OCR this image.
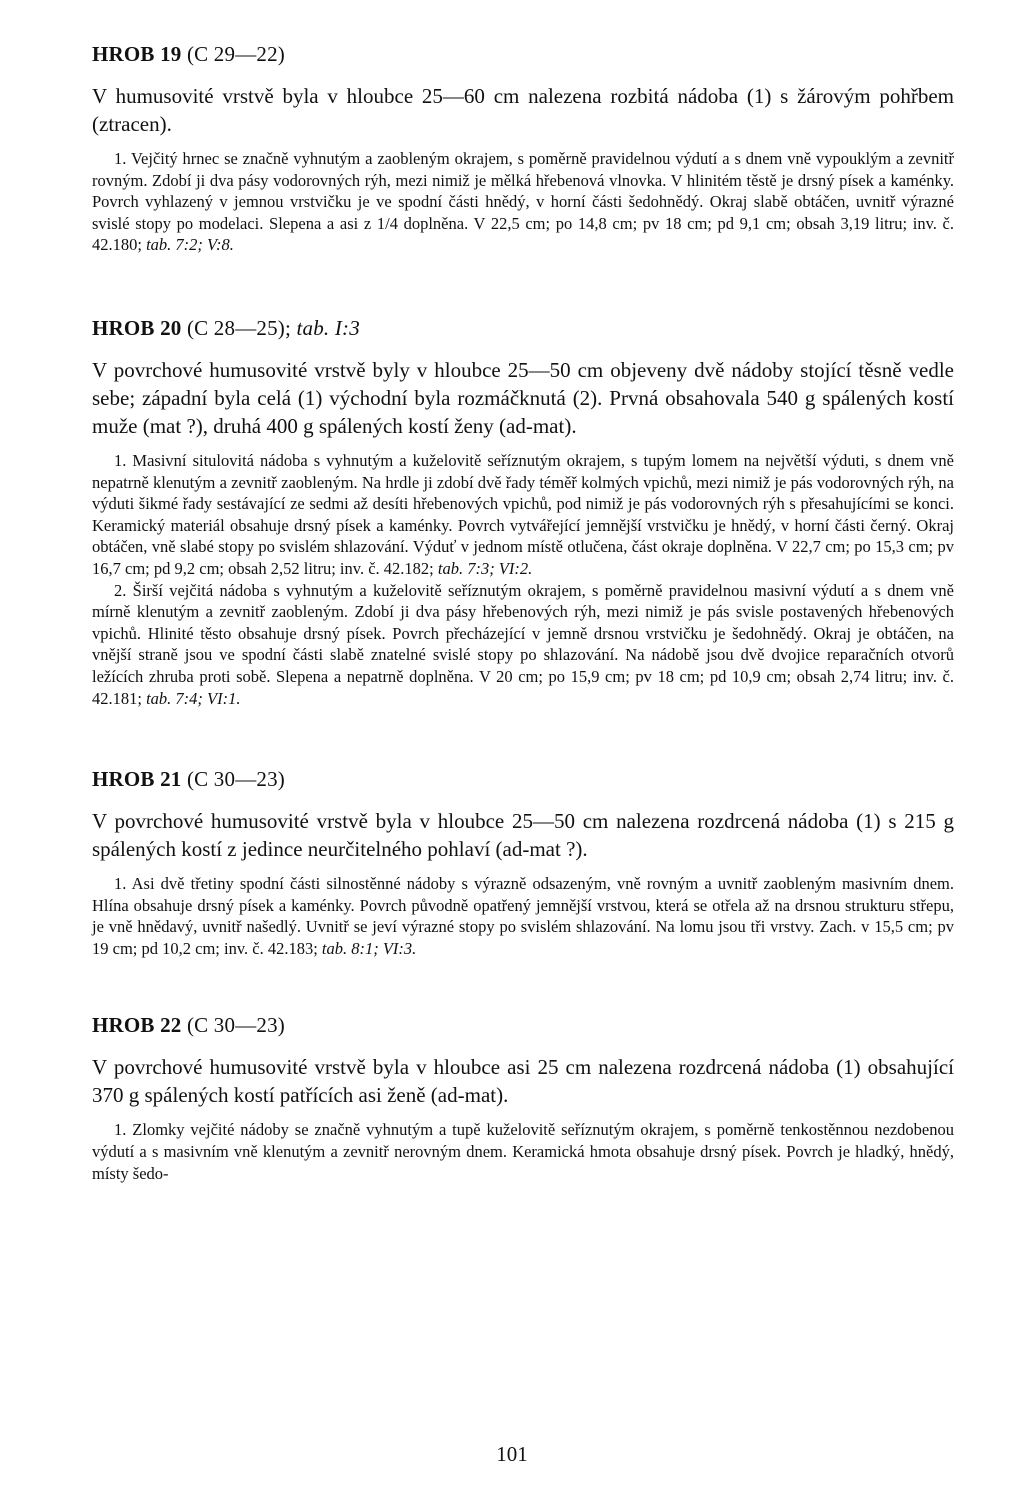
HROB 19 (C 29—22)

V humusovité vrstvě byla v hloubce 25—60 cm nalezena rozbitá nádoba (1) s žárovým pohřbem (ztracen).

1. Vejčitý hrnec se značně vyhnutým a zaobleným okrajem, s poměrně pravidelnou výdutí a s dnem vně vypouklým a zevnitř rovným. Zdobí ji dva pásy vodorovných rýh, mezi nimiž je mělká hřebenová vlnovka. V hlinitém těstě je drsný písek a kaménky. Povrch vyhlazený v jemnou vrstvičku je ve spodní části hnědý, v horní části šedohnědý. Okraj slabě obtáčen, uvnitř výrazné svislé stopy po modelaci. Slepena a asi z 1/4 doplněna. V 22,5 cm; po 14,8 cm; pv 18 cm; pd 9,1 cm; obsah 3,19 litru; inv. č. 42.180; tab. 7:2; V:8.

HROB 20 (C 28—25); tab. I:3

V povrchové humusovité vrstvě byly v hloubce 25—50 cm objeveny dvě nádoby stojící těsně vedle sebe; západní byla celá (1) východní byla rozmáčknutá (2). Prvná obsahovala 540 g spálených kostí muže (mat ?), druhá 400 g spálených kostí ženy (ad-mat).

1. Masivní situlovitá nádoba s vyhnutým a kuželovitě seříznutým okrajem, s tupým lomem na největší výduti, s dnem vně nepatrně klenutým a zevnitř zaobleným. Na hrdle ji zdobí dvě řady téměř kolmých vpichů, mezi nimiž je pás vodorovných rýh, na výduti šikmé řady sestávající ze sedmi až desíti hřebenových vpichů, pod nimiž je pás vodorovných rýh s přesahujícími se konci. Keramický materiál obsahuje drsný písek a kaménky. Povrch vytvářející jemnější vrstvičku je hnědý, v horní části černý. Okraj obtáčen, vně slabé stopy po svislém shlazování. Výduť v jednom místě otlučena, část okraje doplněna. V 22,7 cm; po 15,3 cm; pv 16,7 cm; pd 9,2 cm; obsah 2,52 litru; inv. č. 42.182; tab. 7:3; VI:2.

2. Širší vejčitá nádoba s vyhnutým a kuželovitě seříznutým okrajem, s poměrně pravidelnou masivní výdutí a s dnem vně mírně klenutým a zevnitř zaobleným. Zdobí ji dva pásy hřebenových rýh, mezi nimiž je pás svisle postavených hřebenových vpichů. Hlinité těsto obsahuje drsný písek. Povrch přecházející v jemně drsnou vrstvičku je šedohnědý. Okraj je obtáčen, na vnější straně jsou ve spodní části slabě znatelné svislé stopy po shlazování. Na nádobě jsou dvě dvojice reparačních otvorů ležících zhruba proti sobě. Slepena a nepatrně doplněna. V 20 cm; po 15,9 cm; pv 18 cm; pd 10,9 cm; obsah 2,74 litru; inv. č. 42.181; tab. 7:4; VI:1.

HROB 21 (C 30—23)

V povrchové humusovité vrstvě byla v hloubce 25—50 cm nalezena rozdrcená nádoba (1) s 215 g spálených kostí z jedince neurčitelného pohlaví (ad-mat ?).

1. Asi dvě třetiny spodní části silnostěnné nádoby s výrazně odsazeným, vně rovným a uvnitř zaobleným masivním dnem. Hlína obsahuje drsný písek a kaménky. Povrch původně opatřený jemnější vrstvou, která se otřela až na drsnou strukturu střepu, je vně hnědavý, uvnitř našedlý. Uvnitř se jeví výrazné stopy po svislém shlazování. Na lomu jsou tři vrstvy. Zach. v 15,5 cm; pv 19 cm; pd 10,2 cm; inv. č. 42.183; tab. 8:1; VI:3.

HROB 22 (C 30—23)

V povrchové humusovité vrstvě byla v hloubce asi 25 cm nalezena rozdrcená nádoba (1) obsahující 370 g spálených kostí patřících asi ženě (ad-mat).

1. Zlomky vejčité nádoby se značně vyhnutým a tupě kuželovitě seříznutým okrajem, s poměrně tenkostěnnou nezdobenou výdutí a s masivním vně klenutým a zevnitř nerovným dnem. Keramická hmota obsahuje drsný písek. Povrch je hladký, hnědý, místy šedo-

101
